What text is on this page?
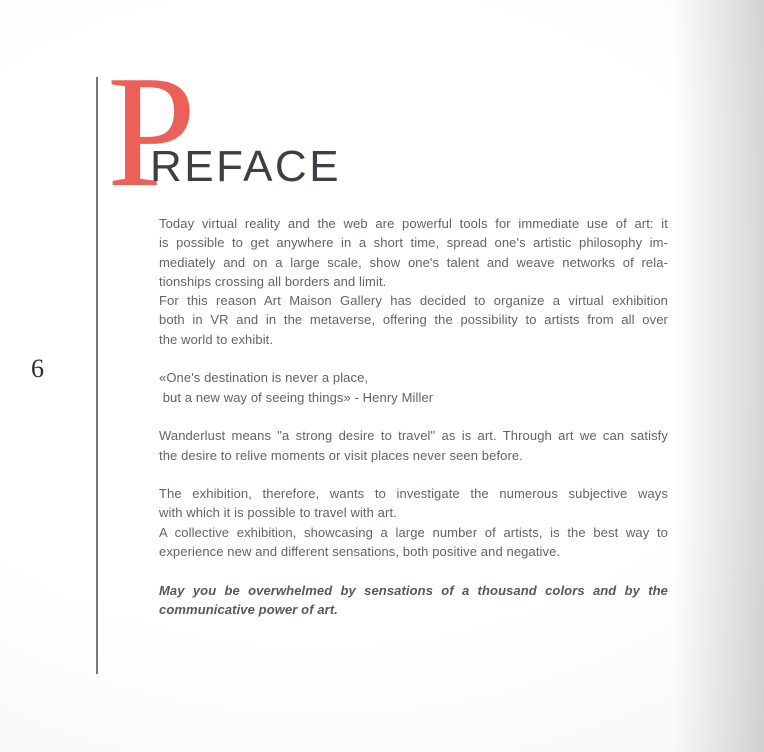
6
P
REFACE
Today virtual reality and the web are powerful tools for immediate use of art: it
is possible to get anywhere in a short time, spread one's artistic philosophy im-
mediately and on a large scale, show one's talent and weave networks of rela-
tionships crossing all borders and limit.
For this reason Art Maison Gallery has decided to organize a virtual exhibition
both in VR and in the metaverse, offering the possibility to artists from all over
the world to exhibit.
«One's destination is never a place,
but a new way of seeing things» - Henry Miller
Wanderlust means "a strong desire to travel" as is art. Through art we can satisfy
the desire to relive moments or visit places never seen before.
The exhibition, therefore, wants to investigate the numerous subjective ways
with which it is possible to travel with art.
A collective exhibition, showcasing a large number of artists, is the best way to
experience new and different sensations, both positive and negative.
May you be overwhelmed by sensations of a thousand colors and by the
communicative power of art.
